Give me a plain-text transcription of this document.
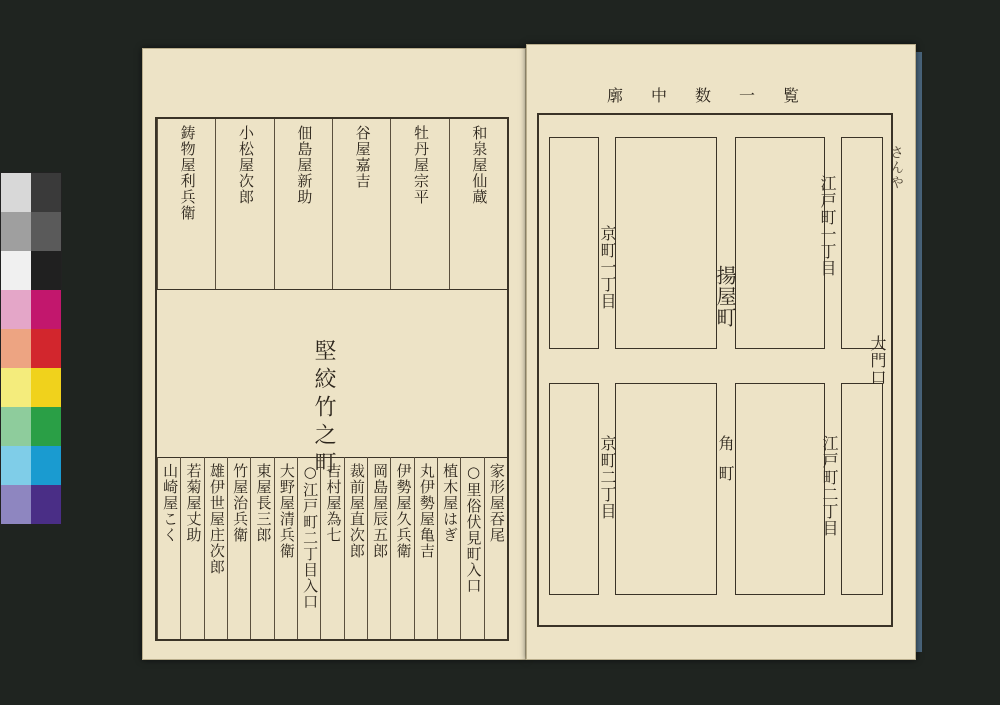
和泉屋仙蔵
牡丹屋宗平
谷屋嘉吉
佃島屋新助
小松屋次郎
鋳物屋利兵衛
堅絞竹之町
家形屋吞尾
○里俗伏見町入口
植木屋はぎ
丸伊勢屋亀吉
伊勢屋久兵衛
岡島屋辰五郎
裁前屋直次郎
吉村屋為七
○江戸町二丁目入口
大野屋清兵衛
東屋長三郎
竹屋治兵衛
雄伊世屋庄次郎
若菊屋丈助
山崎屋こく
さんや
廓中数一覧
江戸町一丁目
揚屋町
京町一丁目
大門口
角町
京町二丁目	江戸町二丁目
